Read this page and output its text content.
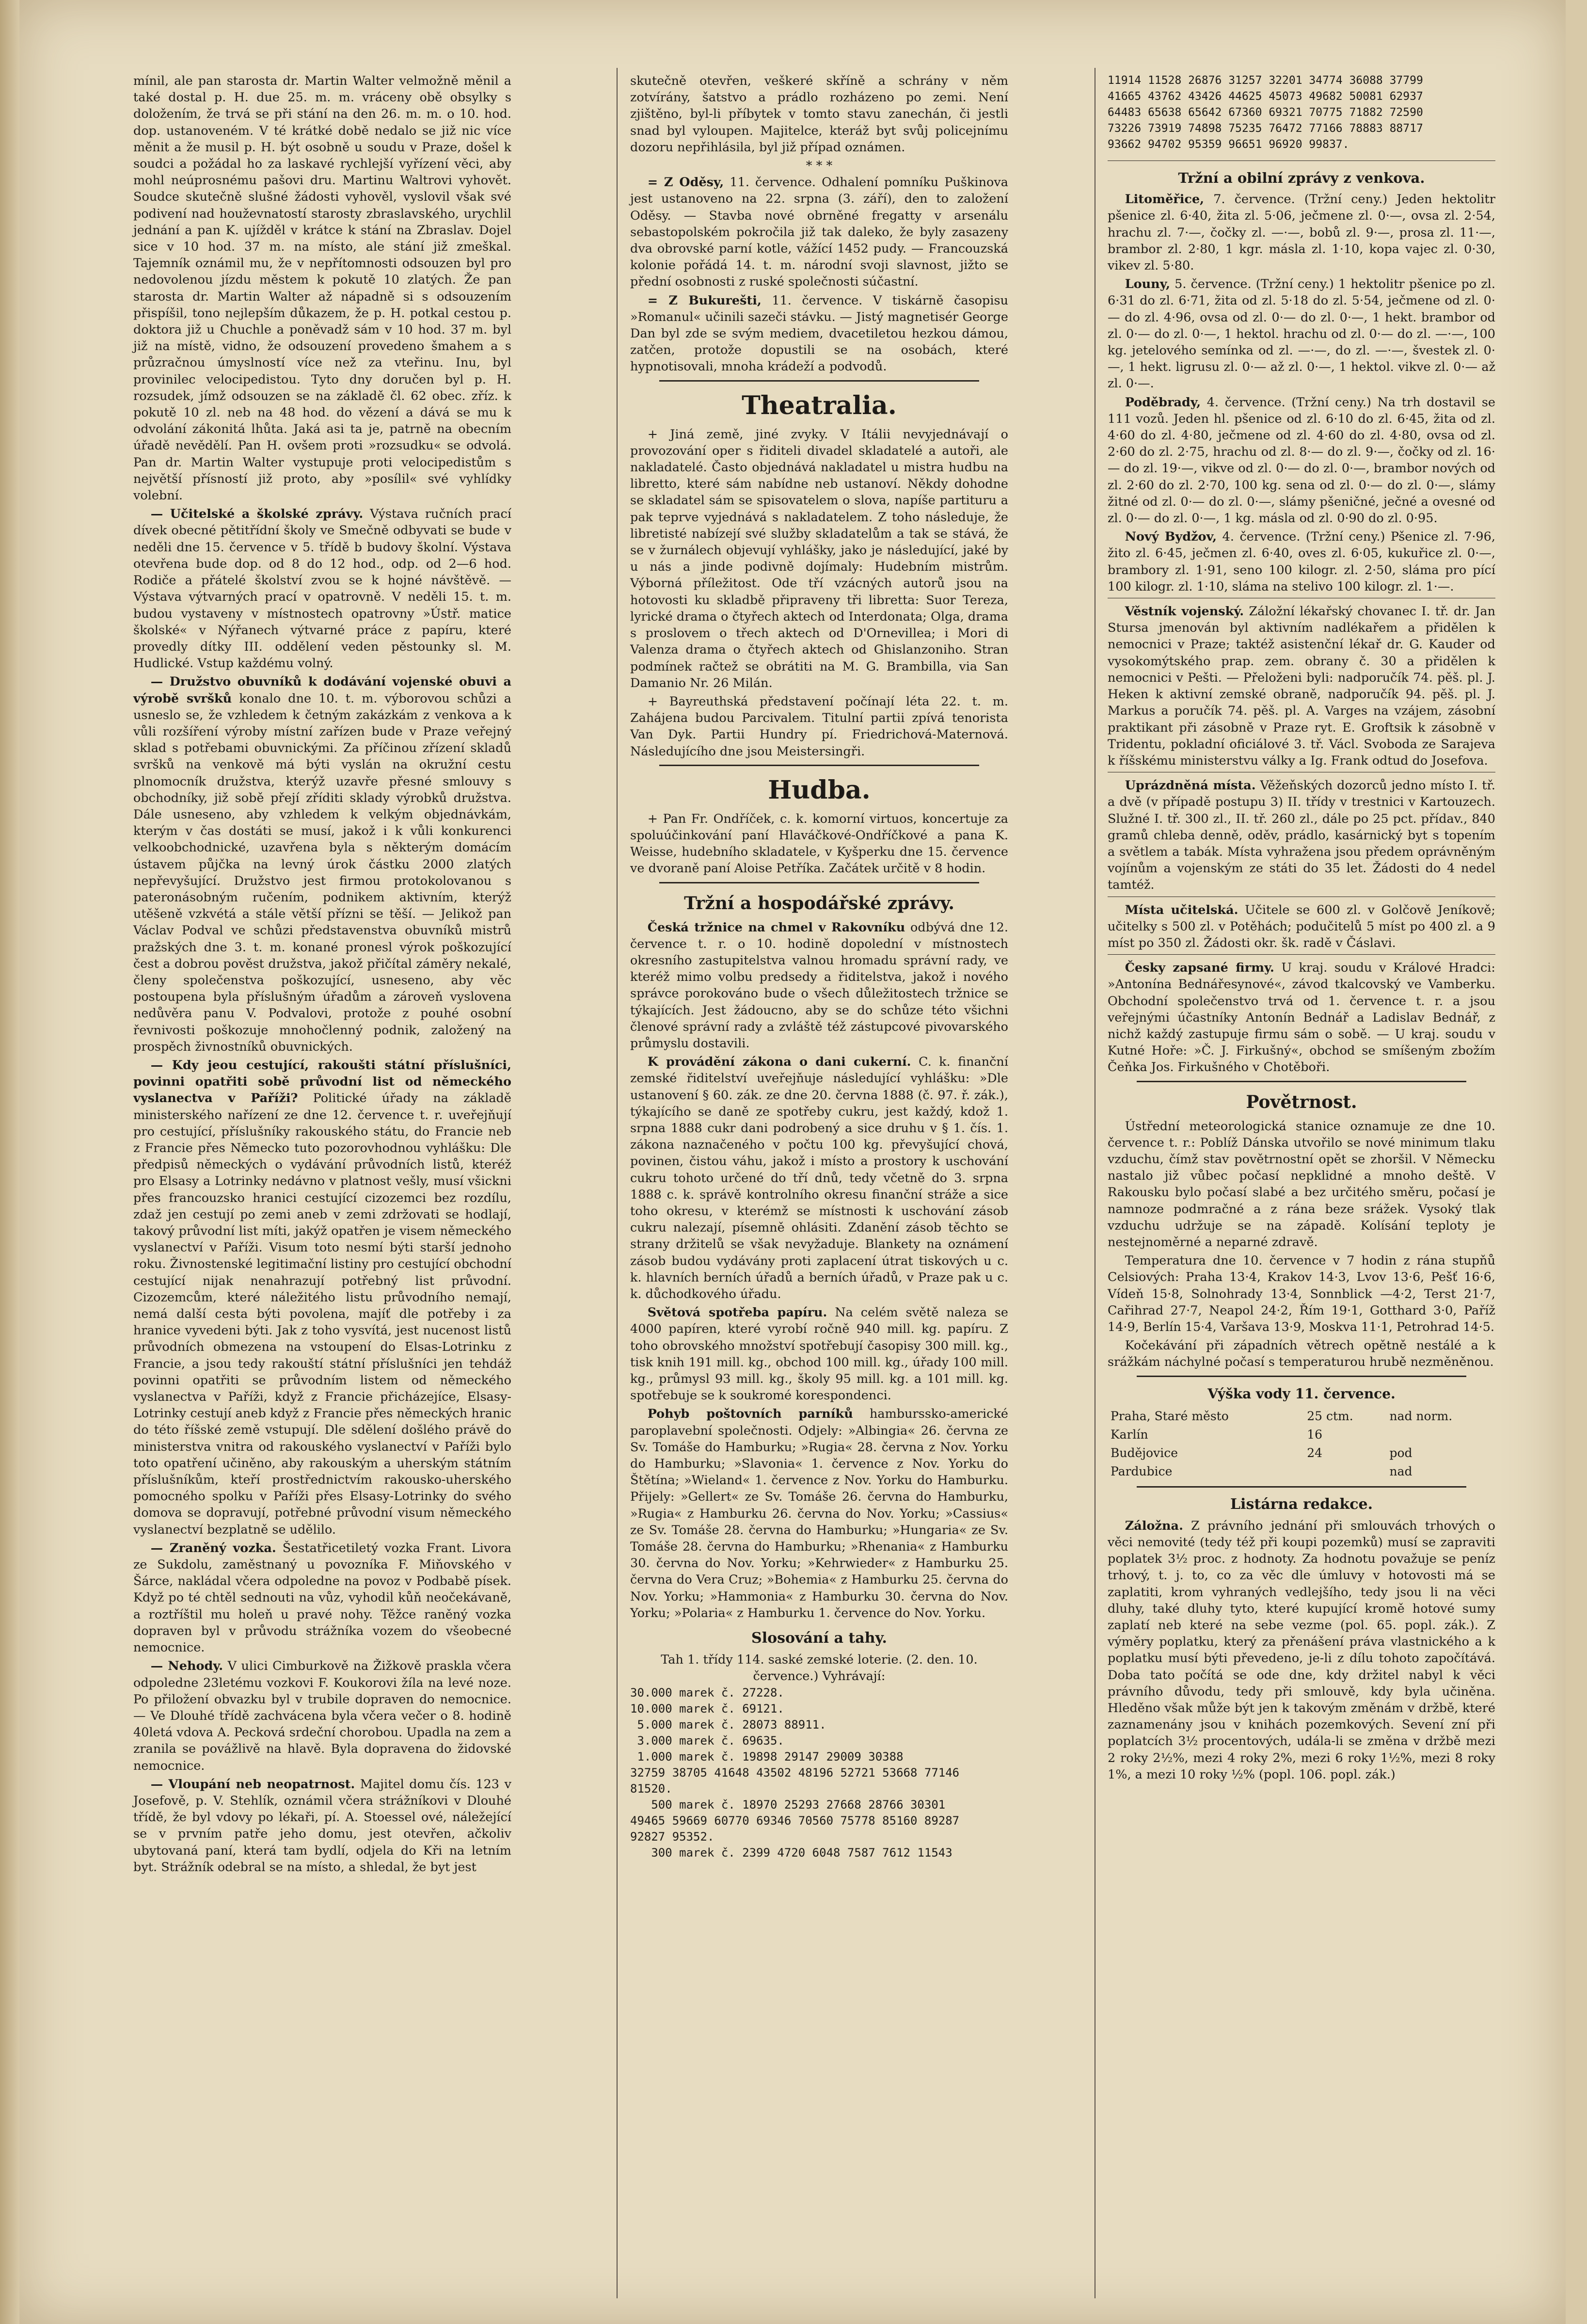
mínil, ale pan starosta dr. Martin Walter velmožně měnil a také dostal p. H. due 25. m. m. vráceny obě obsylky s doložením, že trvá se při stání na den 26. m. m. o 10. hod. dop. ustanoveném. V té krátké době nedalo se již nic více měnit a že musil p. H. být osobně u soudu v Praze, došel k soudci a požádal ho za laskavé rychlejší vyřízení věci, aby mohl neúprosnému pašovi dru. Martinu Waltrovi vyhovět. Soudce skutečně slušné žádosti vyhověl, vyslovil však své podivení nad houževnatostí starosty zbraslavského, urychlil jednání a pan K. ujížděl v krátce k stání na Zbraslav. Dojel sice v 10 hod. 37 m. na místo, ale stání již zmeškal. Tajemník oznámil mu, že v nepřítomnosti odsouzen byl pro nedovolenou jízdu městem k pokutě 10 zlatých. Že pan starosta dr. Martin Walter až nápadně si s odsouzením přispíšil, tono nejlepším důkazem, že p. H. potkal cestou p. doktora již u Chuchle a poněvadž sám v 10 hod. 37 m. byl již na místě, vidno, že odsouzení provedeno šmahem a s průzračnou úmyslností více než za vteřinu. Inu, byl provinilec velocipedistou. Tyto dny doručen byl p. H. rozsudek, jímž odsouzen se na základě čl. 62 obec. zříz. k pokutě 10 zl. neb na 48 hod. do vězení a dává se mu k odvolání zákonitá lhůta. Jaká asi ta je, patrně na obecním úřadě nevědělí. Pan H. ovšem proti »rozsudku« se odvolá. Pan dr. Martin Walter vystupuje proti velocipedistům s největší přísností již proto, aby »posílil« své vyhlídky volební.

— Učitelské a školské zprávy. Výstava ručních prací dívek obecné pětitřídní školy ve Smečně odbyvati se bude v neděli dne 15. července v 5. třídě b budovy školní. Výstava otevřena bude dop. od 8 do 12 hod., odp. od 2—6 hod. Rodiče a přátelé školství zvou se k hojné návštěvě. — Výstava výtvarných prací v opatrovně. V neděli 15. t. m. budou vystaveny v místnostech opatrovny »Ústř. matice školské« v Nýřanech výtvarné práce z papíru, které provedly dítky III. oddělení veden pěstounky sl. M. Hudlické. Vstup každému volný.

— Družstvo obuvníků k dodávání vojenské obuvi a výrobě svršků konalo dne 10. t. m. výborovou schůzi a usneslo se, že vzhledem k četným zakázkám z venkova a k vůli rozšíření výroby místní zařízen bude v Praze veřejný sklad s potřebami obuvnickými. Za příčinou zřízení skladů svršků na venkově má býti vyslán na okružní cestu plnomocník družstva, kterýž uzavře přesné smlouvy s obchodníky, již sobě přejí zříditi sklady výrobků družstva. Dále usneseno, aby vzhledem k velkým objednávkám, kterým v čas dostáti se musí, jakož i k vůli konkurenci velkoobchodnické, uzavřena byla s některým domácím ústavem půjčka na levný úrok částku 2000 zlatých nepřevyšující. Družstvo jest firmou protokolovanou s pateronásobným ručením, podnikem aktivním, kterýž utěšeně vzkvétá a stále větší přízni se těší. — Jelikož pan Václav Podval ve schůzi představenstva obuvníků mistrů pražských dne 3. t. m. konané pronesl výrok poškozující čest a dobrou pověst družstva, jakož přičítal záměry nekalé, členy společenstva poškozující, usneseno, aby věc postoupena byla příslušným úřadům a zároveň vyslovena nedůvěra panu V. Podvalovi, protože z pouhé osobní řevnivosti poškozuje mnohočlenný podnik, založený na prospěch živnostníků obuvnických.

— Kdy jeou cestující, rakoušti státní příslušníci, povinni opatřiti sobě průvodní list od německého vyslanectva v Paříži? Politické úřady na základě ministerského nařízení ze dne 12. července t. r. uveřejňují pro cestující, příslušníky rakouského státu, do Francie neb z Francie přes Německo tuto pozorovhodnou vyhlášku: Dle předpisů německých o vydávání průvodních listů, kteréž pro Elsasy a Lotrinky nedávno v platnost vešly, musí všickni přes francouzsko hranici cestující cizozemci bez rozdílu, zdaž jen cestují po zemi aneb v zemi zdržovati se hodlají, takový průvodní list míti, jakýž opatřen je visem německého vyslanectví v Paříži. Visum toto nesmí býti starší jednoho roku. Živnostenské legitimační listiny pro cestující obchodní cestující nijak nenahrazují potřebný list průvodní. Cizozemcům, které náležitého listu průvodního nemají, nemá další cesta býti povolena, majíť dle potřeby i za hranice vyvedeni býti. Jak z toho vysvítá, jest nucenost listů průvodních obmezena na vstoupení do Elsas-Lotrinku z Francie, a jsou tedy rakouští státní příslušníci jen tehdáž povinni opatřiti se průvodním listem od německého vyslanectva v Paříži, když z Francie přicházejíce, Elsasy-Lotrinky cestují aneb když z Francie přes německých hranic do této říšské země vstupují. Dle sdělení došlého právě do ministerstva vnitra od rakouského vyslanectví v Paříži bylo toto opatření učiněno, aby rakouským a uherským státním příslušníkům, kteří prostřednictvím rakousko-uherského pomocného spolku v Paříži přes Elsasy-Lotrinky do svého domova se dopravují, potřebné průvodní visum německého vyslanectví bezplatně se udělilo.

— Zraněný vozka. Šestatřicetiletý vozka Frant. Livora ze Sukdolu, zaměstnaný u povozníka F. Miňovského v Šárce, nakládal včera odpoledne na povoz v Podbabě písek. Když po té chtěl sednouti na vůz, vyhodil kůň neočekávaně, a roztříštil mu holeň u pravé nohy. Těžce raněný vozka dopraven byl v průvodu strážníka vozem do všeobecné nemocnice.

— Nehody. V ulici Cimburkově na Žižkově praskla včera odpoledne 23letému vozkovi F. Koukorovi žíla na levé noze. Po přiložení obvazku byl v trubile dopraven do nemocnice. — Ve Dlouhé třídě zachvácena byla včera večer o 8. hodině 40letá vdova A. Pecková srdeční chorobou. Upadla na zem a zranila se povážlivě na hlavě. Byla dopravena do židovské nemocnice.

— Vloupání neb neopatrnost. Majitel domu čís. 123 v Josefově, p. V. Stehlík, oznámil včera strážníkovi v Dlouhé třídě, že byl vdovy po lékaři, pí. A. Stoessel ové, náležející se v prvním patře jeho domu, jest otevřen, ačkoliv ubytovaná paní, která tam bydlí, odjela do Kři na letním byt. Strážník odebral se na místo, a shledal, že byt jest

skutečně otevřen, veškeré skříně a schrány v něm zotvírány, šatstvo a prádlo rozházeno po zemi. Není zjištěno, byl-li příbytek v tomto stavu zanechán, či jestli snad byl vyloupen. Majitelce, kteráž byt svůj policejnímu dozoru nepřihlásila, byl již případ oznámen.

* * *

= Z Oděsy, 11. července. Odhalení pomníku Puškinova jest ustanoveno na 22. srpna (3. září), den to založení Oděsy. — Stavba nové obrněné fregatty v arsenálu sebastopolském pokročila již tak daleko, že byly zasazeny dva obrovské parní kotle, vážící 1452 pudy. — Francouzská kolonie pořádá 14. t. m. národní svoji slavnost, jižto se přední osobnosti z ruské společnosti súčastní.

= Z Bukurešti, 11. července. V tiskárně časopisu »Romanul« učinili sazeči stávku. — Jistý magnetisér George Dan byl zde se svým mediem, dvacetiletou hezkou dámou, zatčen, protože dopustili se na osobách, které hypnotisovali, mnoha krádeží a podvodů.

Theatralia.

+ Jiná země, jiné zvyky. V Itálii nevyjednávají o provozování oper s řiditeli divadel skladatelé a autoři, ale nakladatelé. Často objednává nakladatel u mistra hudbu na libretto, které sám nabídne neb ustanoví. Někdy dohodne se skladatel sám se spisovatelem o slova, napíše partituru a pak teprve vyjednává s nakladatelem. Z toho následuje, že libretisté nabízejí své služby skladatelům a tak se stává, že se v žurnálech objevují vyhlášky, jako je následující, jaké by u nás a jinde podivně dojímaly: Hudebním mistrům. Výborná příležitost. Ode tří vzácných autorů jsou na hotovosti ku skladbě připraveny tři libretta: Suor Tereza, lyrické drama o čtyřech aktech od Interdonata; Olga, drama s proslovem o třech aktech od D'Ornevillea; i Mori di Valenza drama o čtyřech aktech od Ghislanzoniho. Stran podmínek račtež se obrátiti na M. G. Brambilla, via San Damanio Nr. 26 Milán.

+ Bayreuthská představení počínají léta 22. t. m. Zahájena budou Parcivalem. Titulní partii zpívá tenorista Van Dyk. Partii Hundry pí. Friedrichová-Maternová. Následujícího dne jsou Meistersingři.

Hudba.

+ Pan Fr. Ondříček, c. k. komorní virtuos, koncertuje za spoluúčinkování paní Hlaváčkové-Ondříčkové a pana K. Weisse, hudebního skladatele, v Kyšperku dne 15. července ve dvoraně paní Aloise Petříka. Začátek určitě v 8 hodin.

Tržní a hospodářské zprávy.

Česká tržnice na chmel v Rakovníku odbývá dne 12. července t. r. o 10. hodině dopolední v místnostech okresního zastupitelstva valnou hromadu správní rady, ve kteréž mimo volbu predsedy a řiditelstva, jakož i nového správce porokováno bude o všech důležitostech tržnice se týkajících. Jest žádoucno, aby se do schůze této všichni členové správní rady a zvláště též zástupcové pivovarského průmyslu dostavili.

K provádění zákona o dani cukerní. C. k. finanční zemské řiditelství uveřejňuje následující vyhlášku: »Dle ustanovení § 60. zák. ze dne 20. června 1888 (č. 97. ř. zák.), týkajícího se daně ze spotřeby cukru, jest každý, kdož 1. srpna 1888 cukr dani podrobený a sice druhu v § 1. čís. 1. zákona naznačeného v počtu 100 kg. převyšující chová, povinen, čistou váhu, jakož i místo a prostory k uschování cukru tohoto určené do tří dnů, tedy včetně do 3. srpna 1888 c. k. správě kontrolního okresu finanční stráže a sice toho okresu, v kterémž se místnosti k uschování zásob cukru nalezají, písemně ohlásiti. Zdanění zásob těchto se strany držitelů se však nevyžaduje. Blankety na oznámení zásob budou vydávány proti zaplacení útrat tiskových u c. k. hlavních berních úřadů a berních úřadů, v Praze pak u c. k. důchodkového úřadu.

Světová spotřeba papíru. Na celém světě naleza se 4000 papíren, které vyrobí ročně 940 mill. kg. papíru. Z toho obrovského množství spotřebují časopisy 300 mill. kg., tisk knih 191 mill. kg., obchod 100 mill. kg., úřady 100 mill. kg., průmysl 93 mill. kg., školy 95 mill. kg. a 101 mill. kg. spotřebuje se k soukromé korespondenci.

Pohyb poštovních parníků hamburssko-americké paroplavební společnosti. Odjely: »Albingia« 26. června ze Sv. Tomáše do Hamburku; »Rugia« 28. června z Nov. Yorku do Hamburku; »Slavonia« 1. července z Nov. Yorku do Štětína; »Wieland« 1. července z Nov. Yorku do Hamburku. Přijely: »Gellert« ze Sv. Tomáše 26. června do Hamburku, »Rugia« z Hamburku 26. června do Nov. Yorku; »Cassius« ze Sv. Tomáše 28. června do Hamburku; »Hungaria« ze Sv. Tomáše 28. června do Hamburku; »Rhenania« z Hamburku 30. června do Nov. Yorku; »Kehrwieder« z Hamburku 25. června do Vera Cruz; »Bohemia« z Hamburku 25. června do Nov. Yorku; »Hammonia« z Hamburku 30. června do Nov. Yorku; »Polaria« z Hamburku 1. července do Nov. Yorku.

Slosování a tahy.
Tah 1. třídy 114. saské zemské loterie. (2. den. 10. července.) Vyhrávají:
30.000 marek č. 27228.
10.000 marek č. 69121.
5.000 marek č. 28073 88911.
3.000 marek č. 69635.
1.000 marek č. 19898 29147 29009 30388
32759 38705 41648 43502 48196 52721 53668 77146
81520.
500 marek č. 18970 25293 27668 28766 30301
49465 59669 60770 69346 70560 75778 85160 89287
92827 95352.
300 marek č. 2399 4720 6048 7587 7612 11543
11914 11528 26876 31257 32201 34774 36088 37799
41665 43762 43426 44625 45073 49682 50081 62937
64483 65638 65642 67360 69321 70775 71882 72590
73226 73919 74898 75235 76472 77166 78883 88717
93662 94702 95359 96651 96920 99837.
Tržní a obilní zprávy z venkova.

Litoměřice, 7. července. (Tržní ceny.) Jeden hektolitr pšenice zl. 6·40, žita zl. 5·06, ječmene zl. 0·—, ovsa zl. 2·54, hrachu zl. 7·—, čočky zl. —·—, bobů zl. 9·—, prosa zl. 11·—, brambor zl. 2·80, 1 kgr. másla zl. 1·10, kopa vajec zl. 0·30, vikev zl. 5·80.

Louny, 5. července. (Tržní ceny.) 1 hektolitr pšenice po zl. 6·31 do zl. 6·71, žita od zl. 5·18 do zl. 5·54, ječmene od zl. 0·— do zl. 4·96, ovsa od zl. 0·— do zl. 0·—, 1 hekt. brambor od zl. 0·— do zl. 0·—, 1 hektol. hrachu od zl. 0·— do zl. —·—, 100 kg. jetelového semínka od zl. —·—, do zl. —·—, švestek zl. 0·—, 1 hekt. ligrusu zl. 0·— až zl. 0·—, 1 hektol. vikve zl. 0·— až zl. 0·—.

Poděbrady, 4. července. (Tržní ceny.) Na trh dostavil se 111 vozů. Jeden hl. pšenice od zl. 6·10 do zl. 6·45, žita od zl. 4·60 do zl. 4·80, ječmene od zl. 4·60 do zl. 4·80, ovsa od zl. 2·60 do zl. 2·75, hrachu od zl. 8·— do zl. 9·—, čočky od zl. 16·— do zl. 19·—, vikve od zl. 0·— do zl. 0·—, brambor nových od zl. 2·60 do zl. 2·70, 100 kg. sena od zl. 0·— do zl. 0·—, slámy žitné od zl. 0·— do zl. 0·—, slámy pšeničné, ječné a ovesné od zl. 0·— do zl. 0·—, 1 kg. másla od zl. 0·90 do zl. 0·95.

Nový Bydžov, 4. července. (Tržní ceny.) Pšenice zl. 7·96, žito zl. 6·45, ječmen zl. 6·40, oves zl. 6·05, kukuřice zl. 0·—, brambory zl. 1·91, seno 100 kilogr. zl. 2·50, sláma pro pící 100 kilogr. zl. 1·10, sláma na stelivo 100 kilogr. zl. 1·—.

Věstník vojenský. Záložní lékařský chovanec I. tř. dr. Jan Stursa jmenován byl aktivním nadlékařem a přidělen k nemocnici v Praze; taktéž asistenční lékař dr. G. Kauder od vysokomýtského prap. zem. obrany č. 30 a přidělen k nemocnici v Pešti. — Přeloženi byli: nadporučík 74. pěš. pl. J. Heken k aktivní zemské obraně, nadporučík 94. pěš. pl. J. Markus a poručík 74. pěš. pl. A. Varges na vzájem, zásobní praktikant při zásobně v Praze ryt. E. Groftsik k zásobně v Tridentu, pokladní oficiálové 3. tř. Václ. Svoboda ze Sarajeva k říšskému ministerstvu války a Ig. Frank odtud do Josefova.

Uprázdněná místa. Věžeňských dozorců jedno místo I. tř. a dvě (v případě postupu 3) II. třídy v trestnici v Kartouzech. Služné I. tř. 300 zl., II. tř. 260 zl., dále po 25 pct. přídav., 840 gramů chleba denně, oděv, prádlo, kasárnický byt s topením a světlem a tabák. Místa vyhražena jsou předem oprávněným vojínům a vojenským ze státi do 35 let. Žádosti do 4 nedel tamtéž.

Místa učitelská. Učitele se 600 zl. v Golčově Jeníkově; učitelky s 500 zl. v Potěhách; podučitelů 5 míst po 400 zl. a 9 míst po 350 zl. Žádosti okr. šk. radě v Čáslavi.

Česky zapsané firmy. U kraj. soudu v Králové Hradci: »Antonína Bednářesynové«, závod tkalcovský ve Vamberku. Obchodní společenstvo trvá od 1. července t. r. a jsou veřejnými účastníky Antonín Bednář a Ladislav Bednář, z nichž každý zastupuje firmu sám o sobě. — U kraj. soudu v Kutné Hoře: »Č. J. Firkušný«, obchod se smíšeným zbožím Čeňka Jos. Firkušného v Chotěboři.

Povětrnost.

Ústřední meteorologická stanice oznamuje ze dne 10. července t. r.: Poblíž Dánska utvořilo se nové minimum tlaku vzduchu, čímž stav povětrnostní opět se zhoršil. V Německu nastalo již vůbec počasí nepklidné a mnoho deště. V Rakousku bylo počasí slabé a bez určitého směru, počasí je namnoze podmračné a z rána beze srážek. Vysoký tlak vzduchu udržuje se na západě. Kolísání teploty je nestejnoměrné a neparné zdravě.

Temperatura dne 10. července v 7 hodin z rána stupňů Celsiových: Praha 13·4, Krakov 14·3, Lvov 13·6, Pešť 16·6, Vídeň 15·8, Solnohrady 13·4, Sonnblick —4·2, Terst 21·7, Cařihrad 27·7, Neapol 24·2, Řím 19·1, Gotthard 3·0, Paříž 14·9, Berlín 15·4, Varšava 13·9, Moskva 11·1, Petrohrad 14·5.

Kočekávání při západních větrech opětně nestálé a k srážkám náchylné počasí s temperaturou hrubě nezměněnou.

Výška vody 11. července.
Praha, Staré město	25 ctm.	nad norm.
Karlín	16	
Budějovice	24	pod
Pardubice		nad
Listárna redakce.

Záložna. Z právního jednání při smlouvách trhových o věci nemovité (tedy též při koupi pozemků) musí se zapraviti poplatek 3½ proc. z hodnoty. Za hodnotu považuje se peníz trhový, t. j. to, co za věc dle úmluvy v hotovosti má se zaplatiti, krom vyhraných vedlejšího, tedy jsou li na věci dluhy, také dluhy tyto, které kupující kromě hotové sumy zaplatí neb které na sebe vezme (pol. 65. popl. zák.). Z výměry poplatku, který za přenášení práva vlastnického a k poplatku musí býti převedeno, je-li z dílu tohoto započítává. Doba tato počítá se ode dne, kdy držitel nabyl k věci právního důvodu, tedy při smlouvě, kdy byla učiněna. Hleděno však může být jen k takovým změnám v držbě, které zaznamenány jsou v knihách pozemkových. Sevení zní při poplatcích 3½ procentových, udála-li se změna v držbě mezi 2 roky 2½%, mezi 4 roky 2%, mezi 6 roky 1½%, mezi 8 roky 1%, a mezi 10 roky ½% (popl. 106. popl. zák.)
